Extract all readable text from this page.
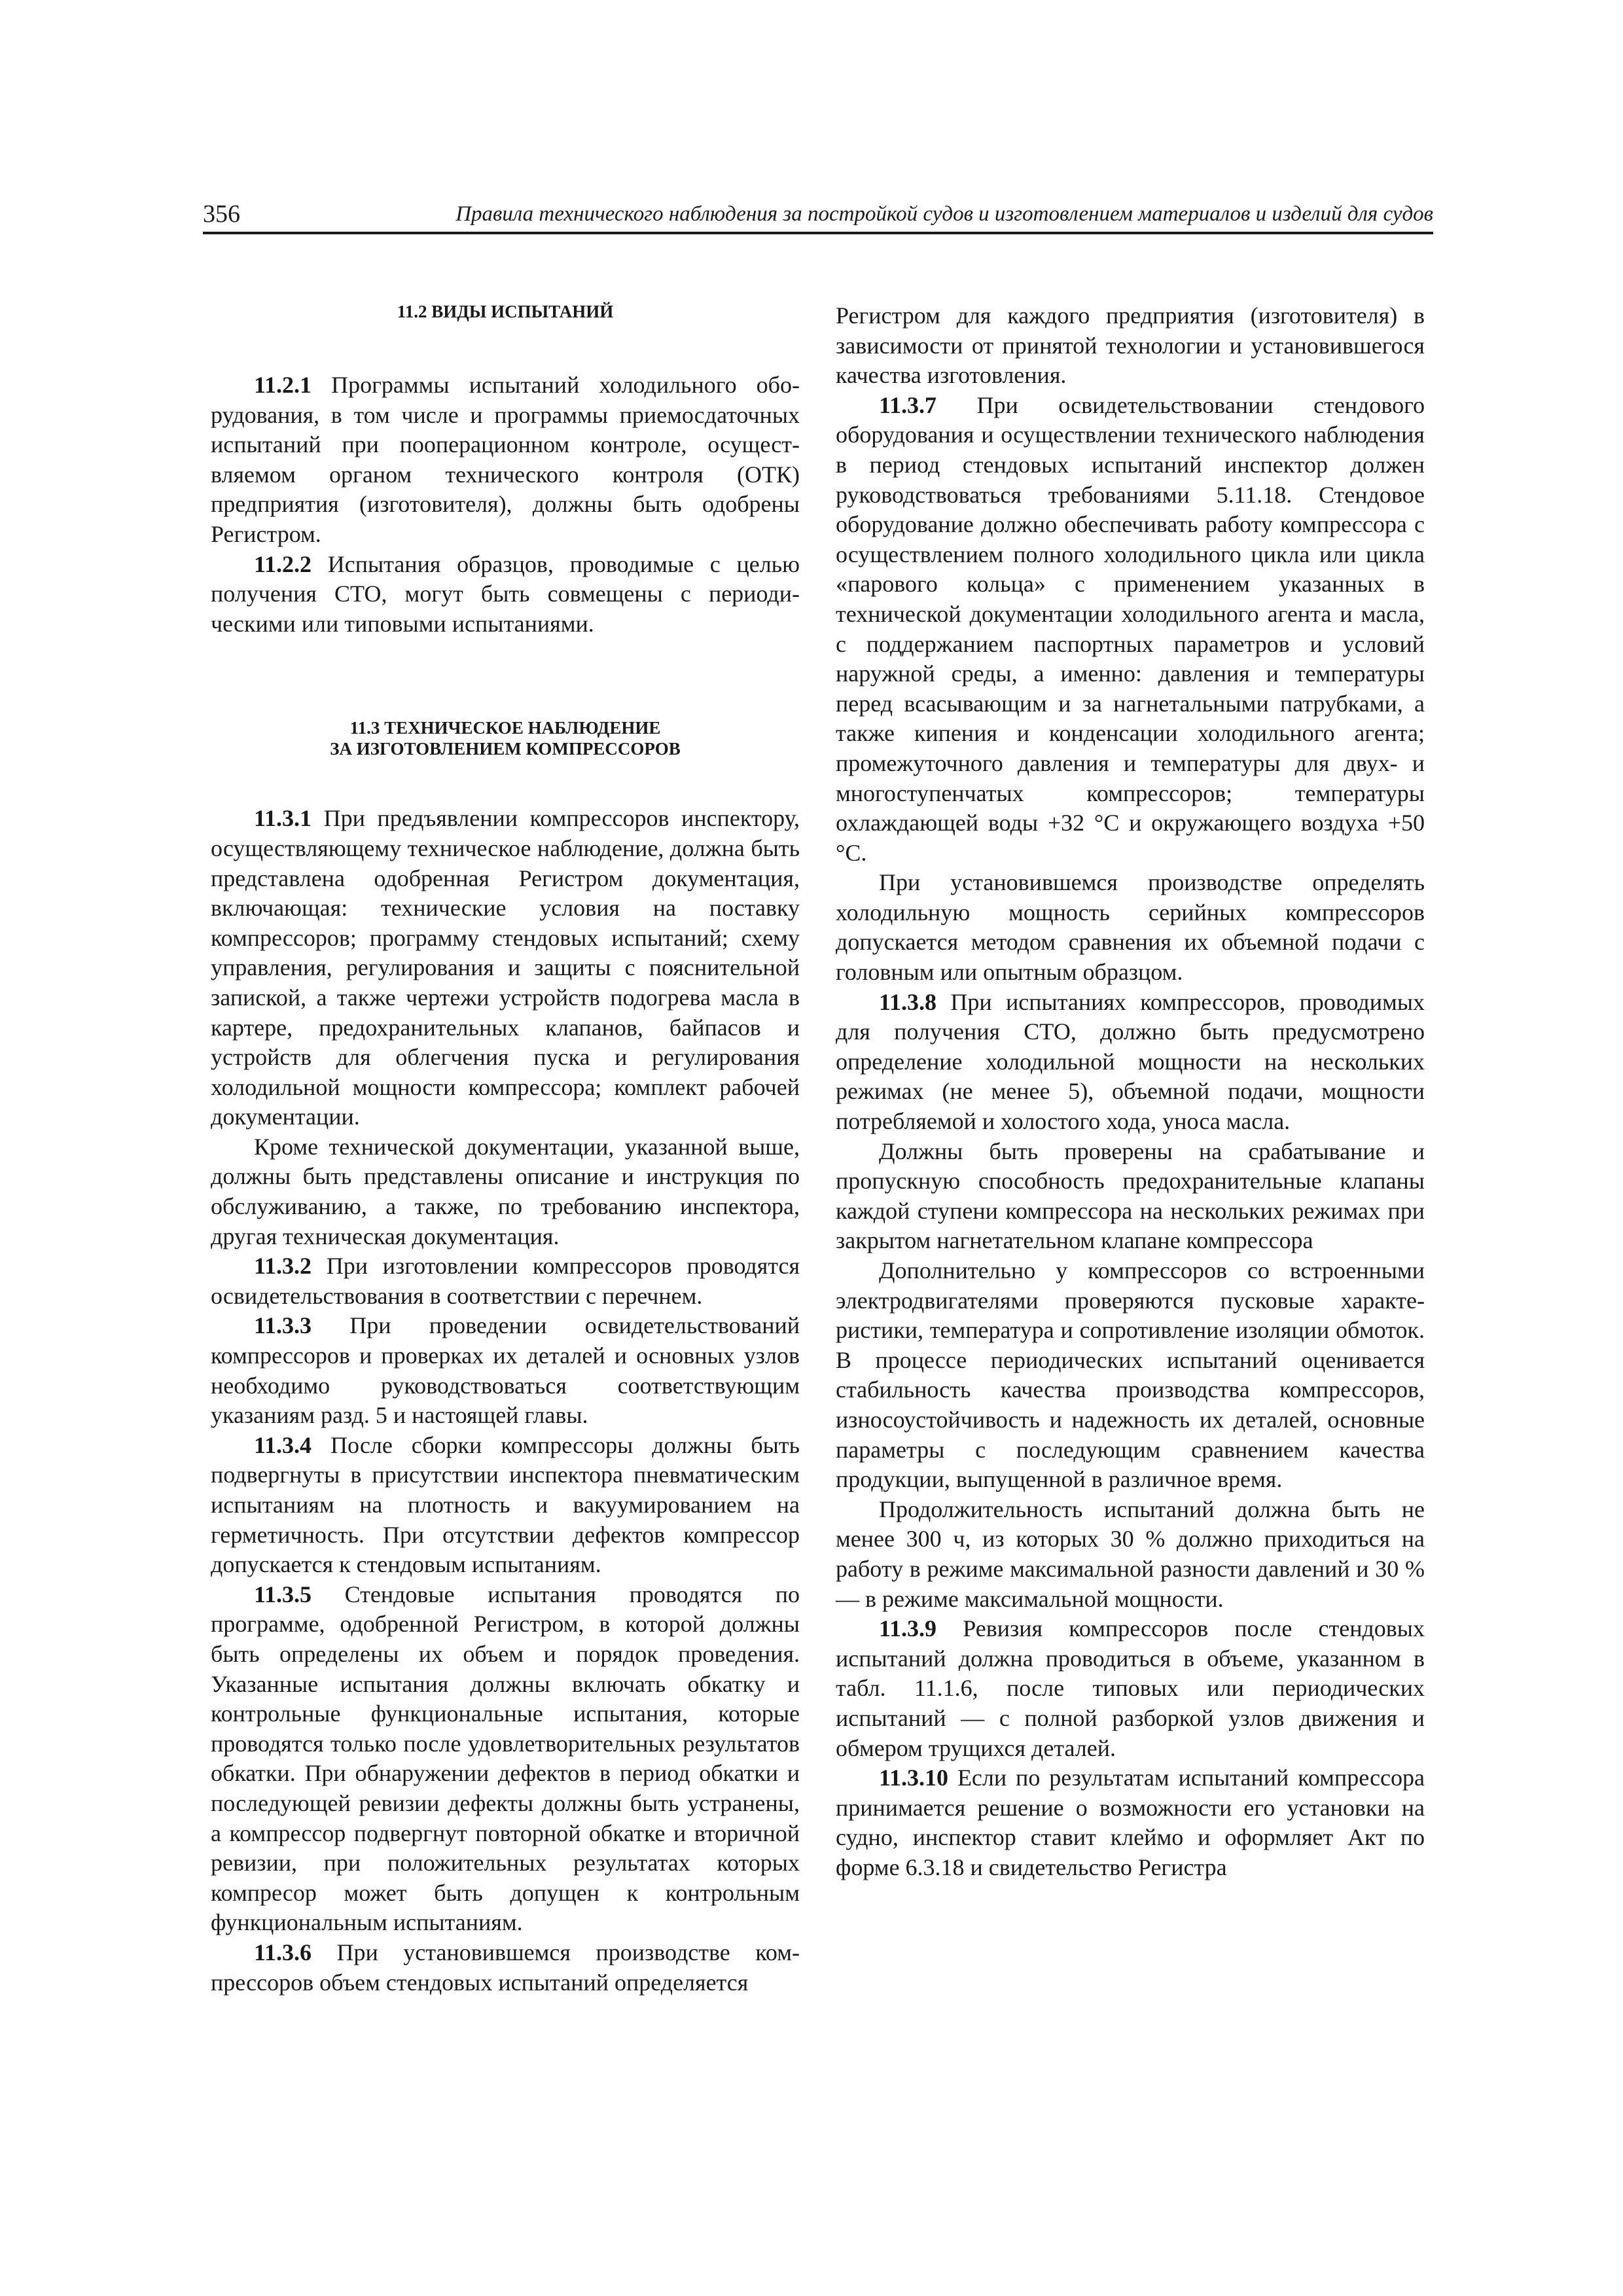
356	Правила технического наблюдения за постройкой судов и изготовлением материалов и изделий для судов
11.2 ВИДЫ ИСПЫТАНИЙ

11.2.1 Программы испытаний холодильного оборудования, в том числе и программы приемосдаточных испытаний при пооперационном контроле, осуществляемом органом технического контроля (ОТК) предприятия (изготовителя), должны быть одобрены Регистром.

11.2.2 Испытания образцов, проводимые с целью получения СТО, могут быть совмещены с периодическими или типовыми испытаниями.

11.3 ТЕХНИЧЕСКОЕ НАБЛЮДЕНИЕ
ЗА ИЗГОТОВЛЕНИЕМ КОМПРЕССОРОВ

11.3.1 При предъявлении компрессоров инспектору, осуществляющему техническое наблюдение, должна быть представлена одобренная Регистром документация, включающая: технические условия на поставку компрессоров; программу стендовых испытаний; схему управления, регулирования и защиты с пояснительной запиской, а также чертежи устройств подогрева масла в картере, предохранительных клапанов, байпасов и устройств для облегчения пуска и регулирования холодильной мощности компрессора; комплект рабочей документации.

Кроме технической документации, указанной выше, должны быть представлены описание и инструкция по обслуживанию, а также, по требованию инспектора, другая техническая документация.

11.3.2 При изготовлении компрессоров проводятся освидетельствования в соответствии с перечнем.

11.3.3 При проведении освидетельствований компрессоров и проверках их деталей и основных узлов необходимо руководствоваться соответствующим указаниям разд. 5 и настоящей главы.

11.3.4 После сборки компрессоры должны быть подвергнуты в присутствии инспектора пневматическим испытаниям на плотность и вакуумированием на герметичность. При отсутствии дефектов компрессор допускается к стендовым испытаниям.

11.3.5 Стендовые испытания проводятся по программе, одобренной Регистром, в которой должны быть определены их объем и порядок проведения. Указанные испытания должны включать обкатку и контрольные функциональные испытания, которые проводятся только после удовлетворительных результатов обкатки. При обнаружении дефектов в период обкатки и последующей ревизии дефекты должны быть устранены, а компрессор подвергнут повторной обкатке и вторичной ревизии, при положительных результатах которых компресор может быть допущен к контрольным функциональным испытаниям.

11.3.6 При установившемся производстве компрессоров объем стендовых испытаний определяется

Регистром для каждого предприятия (изготовителя) в зависимости от принятой технологии и установившегося качества изготовления.

11.3.7 При освидетельствовании стендового оборудования и осуществлении технического наблюдения в период стендовых испытаний инспектор должен руководствоваться требованиями 5.11.18. Стендовое оборудование должно обеспечивать работу компрессора с осуществлением полного холодильного цикла или цикла «парового кольца» с применением указанных в технической документации холодильного агента и масла, с поддержанием паспортных параметров и условий наружной среды, а именно: давления и температуры перед всасывающим и за нагнетальными патрубками, а также кипения и конденсации холодильного агента; промежуточного давления и температуры для двух- и многоступенчатых компрессоров; температуры охлаждающей воды +32 °С и окружающего воздуха +50 °С.

При установившемся производстве определять холодильную мощность серийных компрессоров допускается методом сравнения их объемной подачи с головным или опытным образцом.

11.3.8 При испытаниях компрессоров, проводимых для получения СТО, должно быть предусмотрено определение холодильной мощности на нескольких режимах (не менее 5), объемной подачи, мощности потребляемой и холостого хода, уноса масла.

Должны быть проверены на срабатывание и пропускную способность предохранительные клапаны каждой ступени компрессора на нескольких режимах при закрытом нагнетательном клапане компрессора

Дополнительно у компрессоров со встроенными электродвигателями проверяются пусковые характеристики, температура и сопротивление изоляции обмоток. В процессе периодических испытаний оценивается стабильность качества производства компрессоров, износоустойчивость и надежность их деталей, основные параметры с последующим сравнением качества продукции, выпущенной в различное время.

Продолжительность испытаний должна быть не менее 300 ч, из которых 30 % должно приходиться на работу в режиме максимальной разности давлений и 30 % — в режиме максимальной мощности.

11.3.9 Ревизия компрессоров после стендовых испытаний должна проводиться в объеме, указанном в табл. 11.1.6, после типовых или периодических испытаний — с полной разборкой узлов движения и обмером трущихся деталей.

11.3.10 Если по результатам испытаний компрессора принимается решение о возможности его установки на судно, инспектор ставит клеймо и оформляет Акт по форме 6.3.18 и свидетельство Регистра
